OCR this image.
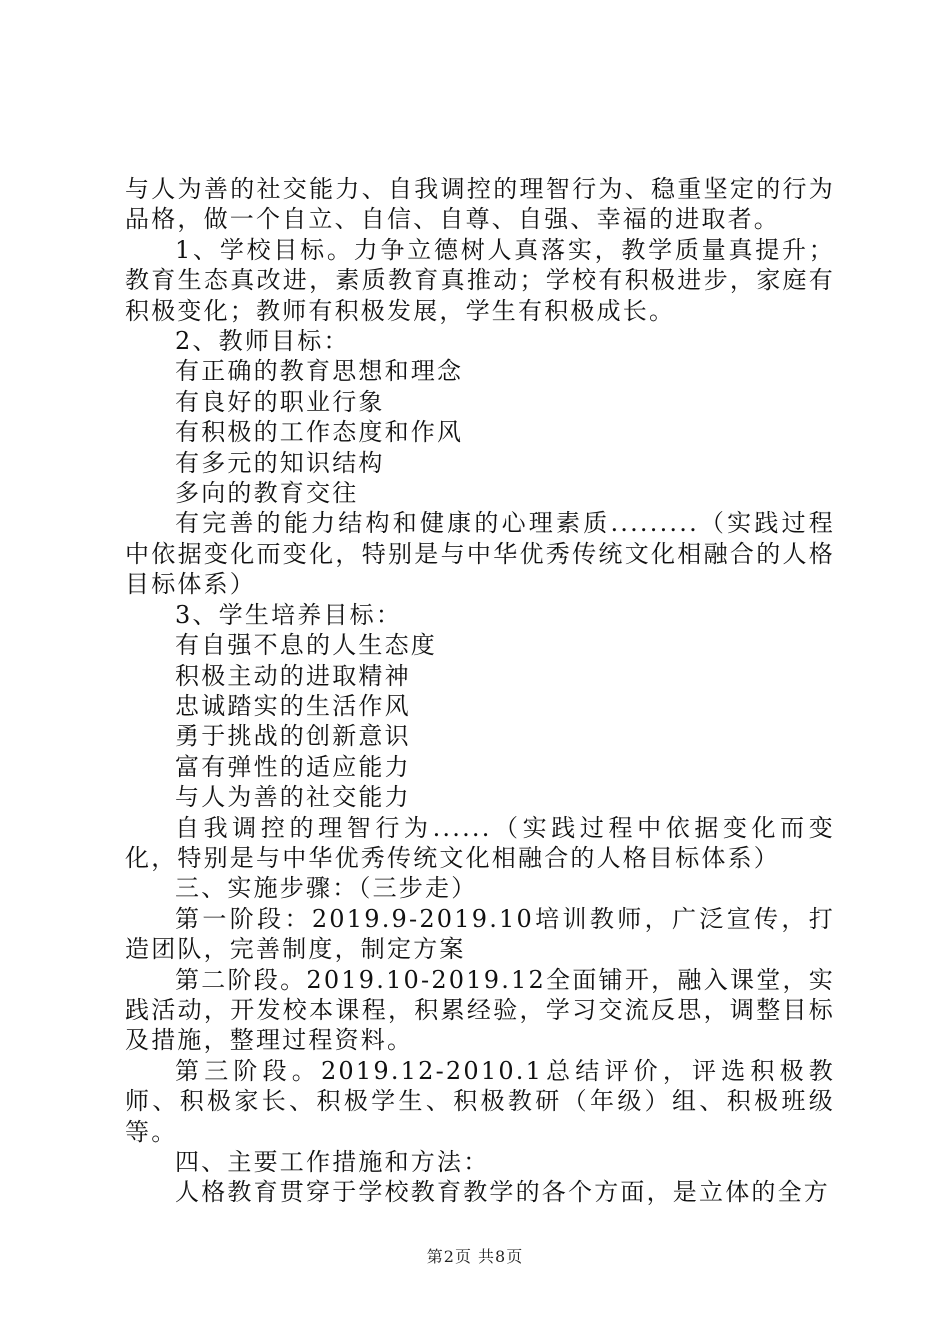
与人为善的社交能力、自我调控的理智行为、稳重坚定的行为品格，做一个自立、自信、自尊、自强、幸福的进取者。

1、学校目标。力争立德树人真落实，教学质量真提升；教育生态真改进，素质教育真推动；学校有积极进步，家庭有积极变化；教师有积极发展，学生有积极成长。

2、教师目标：

有正确的教育思想和理念

有良好的职业行象

有积极的工作态度和作风

有多元的知识结构

多向的教育交往

有完善的能力结构和健康的心理素质.........（实践过程中依据变化而变化，特别是与中华优秀传统文化相融合的人格目标体系）

3、学生培养目标：

有自强不息的人生态度

积极主动的进取精神

忠诚踏实的生活作风

勇于挑战的创新意识

富有弹性的适应能力

与人为善的社交能力

自我调控的理智行为......（实践过程中依据变化而变化，特别是与中华优秀传统文化相融合的人格目标体系）

三、实施步骤：（三步走）

第一阶段：2019.9-2019.10培训教师，广泛宣传，打造团队，完善制度，制定方案

第二阶段。2019.10-2019.12全面铺开，融入课堂，实践活动，开发校本课程，积累经验，学习交流反思，调整目标及措施，整理过程资料。

第三阶段。2019.12-2010.1总结评价，评选积极教师、积极家长、积极学生、积极教研（年级）组、积极班级等。

四、主要工作措施和方法：

人格教育贯穿于学校教育教学的各个方面，是立体的全方

第2页 共8页
